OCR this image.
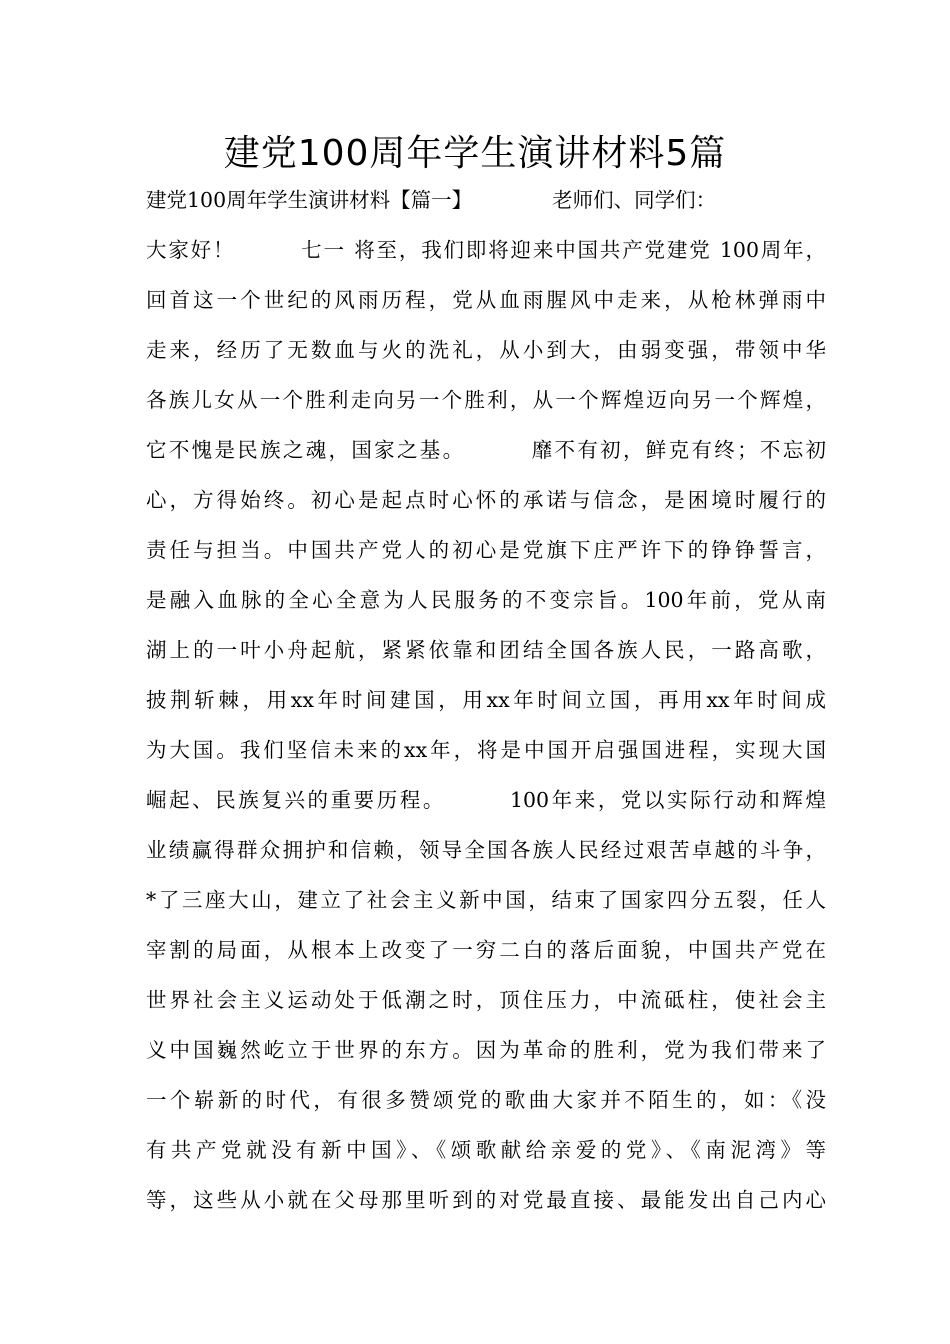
建党100周年学生演讲材料5篇
建党100周年学生演讲材料【篇一】	老师们、同学们：
大家好！	七一 将至，我们即将迎来中国共产党建党 100周年，
回首这一个世纪的风雨历程，党从血雨腥风中走来，从枪林弹雨中
走来，经历了无数血与火的洗礼，从小到大，由弱变强，带领中华
各族儿女从一个胜利走向另一个胜利，从一个辉煌迈向另一个辉煌，
它不愧是民族之魂，国家之基。	靡不有初，鲜克有终；不忘初
心，方得始终。初心是起点时心怀的承诺与信念，是困境时履行的
责任与担当。中国共产党人的初心是党旗下庄严许下的铮铮誓言，
是融入血脉的全心全意为人民服务的不变宗旨。100年前，党从南
湖上的一叶小舟起航，紧紧依靠和团结全国各族人民，一路高歌，
披荆斩棘，用xx年时间建国，用xx年时间立国，再用xx年时间成
为大国。我们坚信未来的xx年，将是中国开启强国进程，实现大国
崛起、民族复兴的重要历程。	100年来，党以实际行动和辉煌
业绩赢得群众拥护和信赖，领导全国各族人民经过艰苦卓越的斗争，
*了三座大山，建立了社会主义新中国，结束了国家四分五裂，任人
宰割的局面，从根本上改变了一穷二白的落后面貌，中国共产党在
世界社会主义运动处于低潮之时，顶住压力，中流砥柱，使社会主
义中国巍然屹立于世界的东方。因为革命的胜利，党为我们带来了
一个崭新的时代，有很多赞颂党的歌曲大家并不陌生的，如：《没
有共产党就没有新中国》、《颂歌献给亲爱的党》、《南泥湾》等
等，这些从小就在父母那里听到的对党最直接、最能发出自己内心
